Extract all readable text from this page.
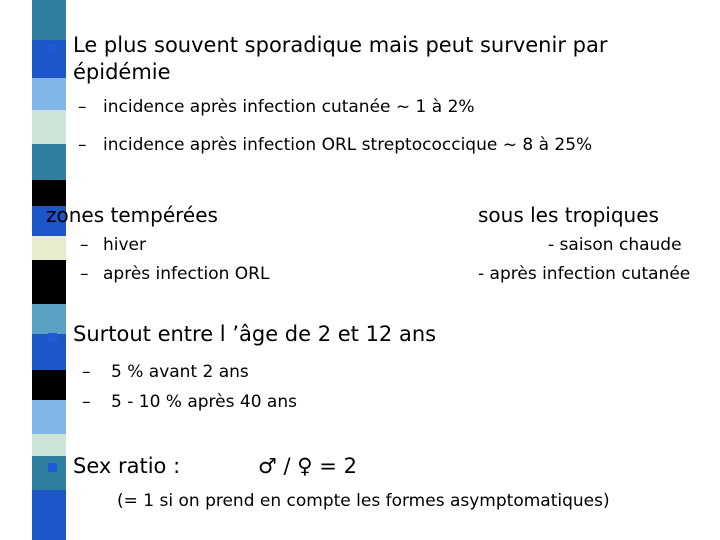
Le plus souvent sporadique mais peut survenir par
épidémie
– incidence après infection cutanée ~ 1 à 2%
– incidence après infection ORL streptococcique ~ 8 à 25%
zones tempérées
– hiver
– après infection ORL
sous les tropiques
- saison chaude
- après infection cutanée
Surtout entre l ’âge de 2 et 12 ans
– 5 % avant 2 ans
– 5 - 10 % après 40 ans
Sex ratio :	♂ / ♀ = 2
(= 1 si on prend en compte les formes asymptomatiques)
